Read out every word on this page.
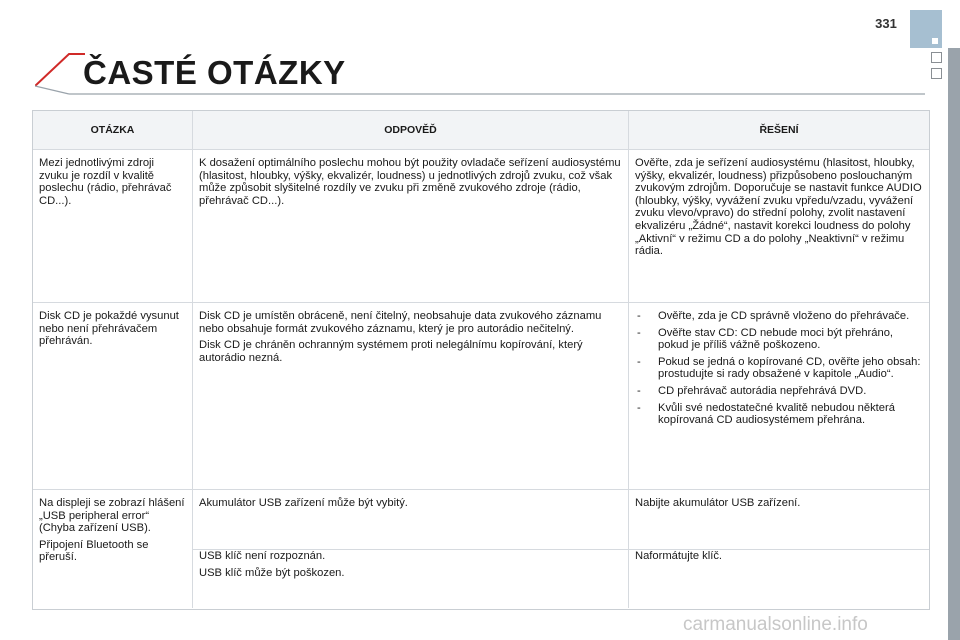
331
ČASTÉ OTÁZKY
OTÁZKA	ODPOVĚĎ	ŘEŠENÍ
Mezi jednotlivými zdroji zvuku je rozdíl v kvalitě poslechu (rádio, přehrávač CD...).
K dosažení optimálního poslechu mohou být použity ovladače seřízení audiosystému (hlasitost, hloubky, výšky, ekvalizér, loudness) u jednotlivých zdrojů zvuku, což však může způsobit slyšitelné rozdíly ve zvuku při změně zvukového zdroje (rádio, přehrávač CD...).
Ověřte, zda je seřízení audiosystému (hlasitost, hloubky, výšky, ekvalizér, loudness) přizpůsobeno poslouchaným zvukovým zdrojům. Doporučuje se nastavit funkce AUDIO (hloubky, výšky, vyvážení zvuku vpředu/vzadu, vyvážení zvuku vlevo/vpravo) do střední polohy, zvolit nastavení ekvalizéru „Žádné“, nastavit korekci loudness do polohy „Aktivní“ v režimu CD a do polohy „Neaktivní“ v režimu rádia.
Disk CD je pokaždé vysunut nebo není přehrávačem přehráván.

Disk CD je umístěn obráceně, není čitelný, neobsahuje data zvukového záznamu nebo obsahuje formát zvukového záznamu, který je pro autorádio nečitelný.

Disk CD je chráněn ochranným systémem proti nelegálnímu kopírování, který autorádio nezná.

- Ověřte, zda je CD správně vloženo do přehrávače.
- Ověřte stav CD: CD nebude moci být přehráno, pokud je příliš vážně poškozeno.
- Pokud se jedná o kopírované CD, ověřte jeho obsah: prostudujte si rady obsažené v kapitole „Audio“.
- CD přehrávač autorádia nepřehrává DVD.
- Kvůli své nedostatečné kvalitě nebudou některá kopírovaná CD audiosystémem přehrána.

Na displeji se zobrazí hlášení „USB peripheral error“ (Chyba zařízení USB).

Připojení Bluetooth se přeruší.

Akumulátor USB zařízení může být vybitý.

USB klíč není rozpoznán.

USB klíč může být poškozen.

Nabijte akumulátor USB zařízení.
Naformátujte klíč.
carmanualsonline.info
